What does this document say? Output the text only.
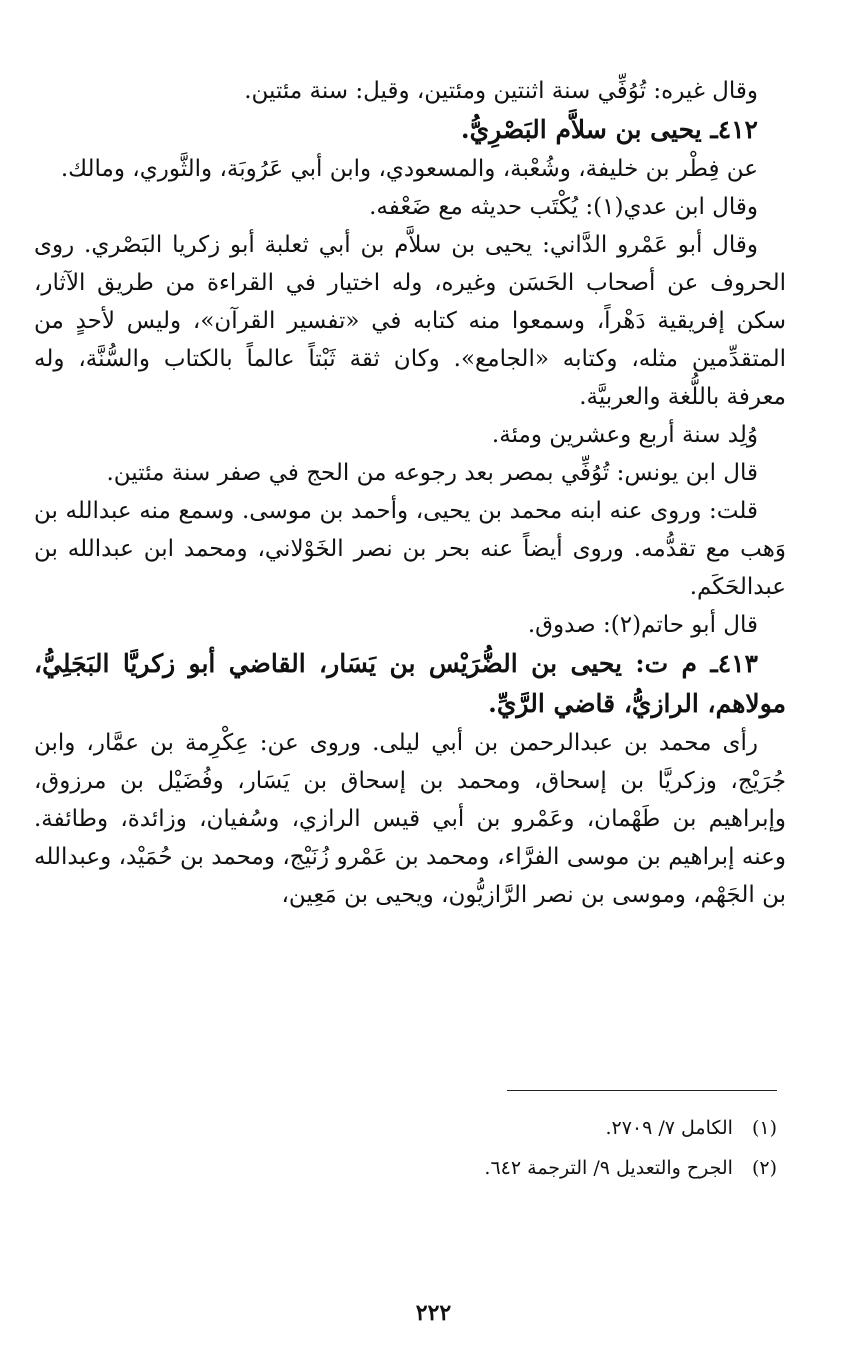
وقال غيره: تُوُفِّي سنة اثنتين ومئتين، وقيل: سنة مئتين.

٤١٢ـ يحيى بن سلاَّم البَصْرِيُّ.

عن فِطْر بن خليفة، وشُعْبة، والمسعودي، وابن أبي عَرُوبَة، والثَّوري، ومالك.

وقال ابن عدي(١): يُكْتَب حديثه مع ضَعْفه.

وقال أبو عَمْرو الدَّاني: يحيى بن سلاَّم بن أبي ثعلبة أبو زكريا البَصْري. روى الحروف عن أصحاب الحَسَن وغيره، وله اختيار في القراءة من طريق الآثار، سكن إفريقية دَهْراً، وسمعوا منه كتابه في «تفسير القرآن»، وليس لأحدٍ من المتقدِّمين مثله، وكتابه «الجامع». وكان ثقة ثَبْتاً عالماً بالكتاب والسُّنَّة، وله معرفة باللُّغة والعربيَّة.

وُلِد سنة أربع وعشرين ومئة.

قال ابن يونس: تُوُفِّي بمصر بعد رجوعه من الحج في صفر سنة مئتين.

قلت: وروى عنه ابنه محمد بن يحيى، وأحمد بن موسى. وسمع منه عبدالله بن وَهب مع تقدُّمه. وروى أيضاً عنه بحر بن نصر الخَوْلاني، ومحمد ابن عبدالله بن عبدالحَكَم.

قال أبو حاتم(٢): صدوق.

٤١٣ـ م ت: يحيى بن الضُّرَيْس بن يَسَار، القاضي أبو زكريَّا البَجَلِيُّ، مولاهم، الرازيُّ، قاضي الرَّيِّ.

رأى محمد بن عبدالرحمن بن أبي ليلى. وروى عن: عِكْرِمة بن عمَّار، وابن جُرَيْج، وزكريَّا بن إسحاق، ومحمد بن إسحاق بن يَسَار، وفُضَيْل بن مرزوق، وإبراهيم بن طَهْمان، وعَمْرو بن أبي قيس الرازي، وسُفيان، وزائدة، وطائفة. وعنه إبراهيم بن موسى الفرَّاء، ومحمد بن عَمْرو زُنَيْج، ومحمد بن حُمَيْد، وعبدالله بن الجَهْم، وموسى بن نصر الرَّازيُّون، ويحيى بن مَعِين،

(١) الكامل ٧/ ٢٧٠٩.

(٢) الجرح والتعديل ٩/ الترجمة ٦٤٢.

٢٢٢
